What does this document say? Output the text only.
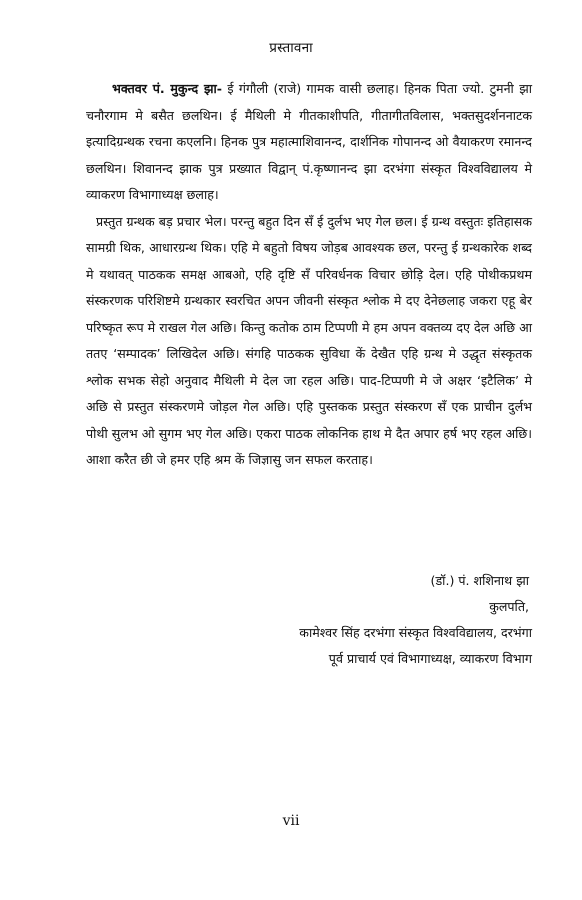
प्रस्तावना

भक्तवर पं. मुकुन्द झा- ई गंगौली (राजे) गामक वासी छलाह। हिनक पिता ज्यो. टुमनी झा चनौरगाम मे बसैत छलथिन। ई मैथिली मे गीतकाशीपति, गीतागीतविलास, भक्तसुदर्शननाटक इत्यादिग्रन्थक रचना कएलनि। हिनक पुत्र महात्माशिवानन्द, दार्शनिक गोपानन्द ओ वैयाकरण रमानन्द छलथिन। शिवानन्द झाक पुत्र प्रख्यात विद्वान् पं.कृष्णानन्द झा दरभंगा संस्कृत विश्वविद्यालय मे व्याकरण विभागाध्यक्ष छलाह।

प्रस्तुत ग्रन्थक बड़ प्रचार भेल। परन्तु बहुत दिन सँ ई दुर्लभ भए गेल छल। ई ग्रन्थ वस्तुतः इतिहासक सामग्री थिक, आधारग्रन्थ थिक। एहि मे बहुतो विषय जोड़ब आवश्यक छल, परन्तु ई ग्रन्थकारेक शब्द मे यथावत् पाठकक समक्ष आबओ, एहि दृष्टि सँ परिवर्धनक विचार छोड़ि देल। एहि पोथीकप्रथम संस्करणक परिशिष्टमे ग्रन्थकार स्वरचित अपन जीवनी संस्कृत श्लोक मे दए देनेछलाह जकरा एहू बेर परिष्कृत रूप मे राखल गेल अछि। किन्तु कतोक ठाम टिप्पणी मे हम अपन वक्तव्य दए देल अछि आ ततए ‘सम्पादक’ लिखिदेल अछि। संगहि पाठकक सुविधा कें देखैत एहि ग्रन्थ मे उद्धृत संस्कृतक श्लोक सभक सेहो अनुवाद मैथिली मे देल जा रहल अछि। पाद-टिप्पणी मे जे अक्षर ‘इटैलिक’ मे अछि से प्रस्तुत संस्करणमे जोड़ल गेल अछि। एहि पुस्तकक प्रस्तुत संस्करण सँ एक प्राचीन दुर्लभ पोथी सुलभ ओ सुगम भए गेल अछि। एकरा पाठक लोकनिक हाथ मे दैत अपार हर्ष भए रहल अछि। आशा करैत छी जे हमर एहि श्रम कें जिज्ञासु जन सफल करताह।

(डॉ.) पं. शशिनाथ झा
कुलपति,
कामेश्वर सिंह दरभंगा संस्कृत विश्वविद्यालय, दरभंगा
पूर्व प्राचार्य एवं विभागाध्यक्ष, व्याकरण विभाग
vii
